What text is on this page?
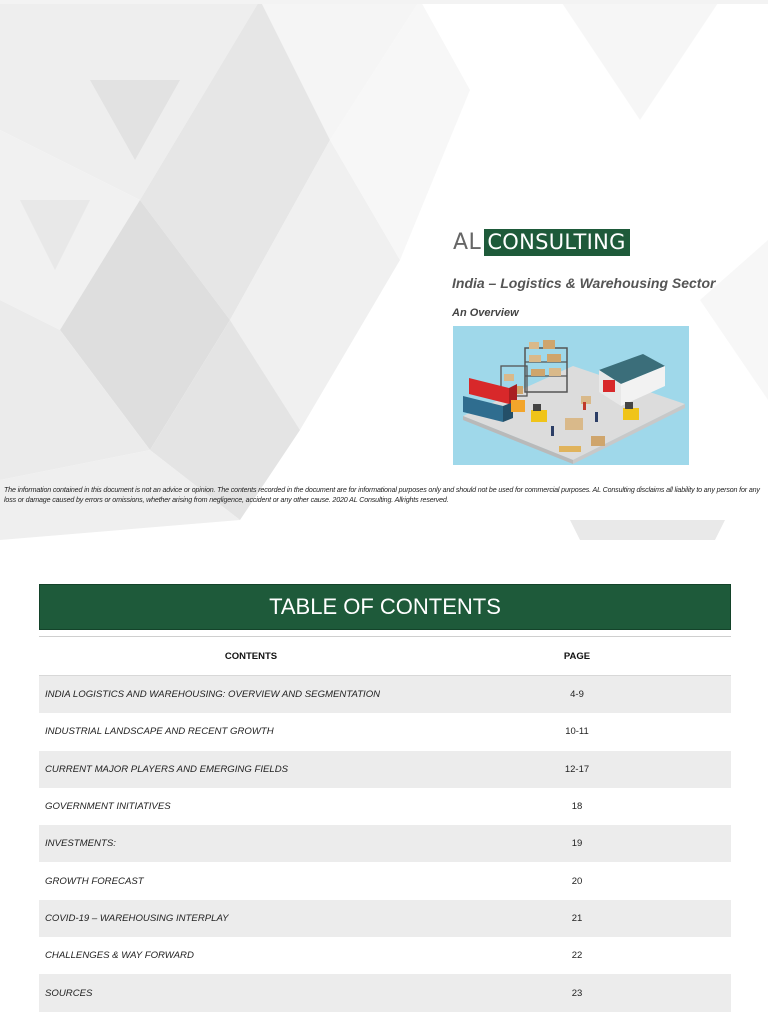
AL CONSULTING
India – Logistics & Warehousing Sector
An Overview
The information contained in this document is not an advice or opinion. The contents recorded in the document are for informational purposes only and should not be used for commercial purposes. AL Consulting disclaims all liability to any person for any loss or damage caused by errors or omissions, whether arising from negligence, accident or any other cause. 2020 AL Consulting. Allrights reserved.
TABLE OF CONTENTS
CONTENTS	PAGE
INDIA LOGISTICS AND WAREHOUSING: OVERVIEW AND SEGMENTATION	4-9
INDUSTRIAL LANDSCAPE AND RECENT GROWTH	10-11
CURRENT MAJOR PLAYERS AND EMERGING FIELDS	12-17
GOVERNMENT INITIATIVES	18
INVESTMENTS:	19
GROWTH FORECAST	20
COVID-19 – WAREHOUSING INTERPLAY	21
CHALLENGES & WAY FORWARD	22
SOURCES	23
